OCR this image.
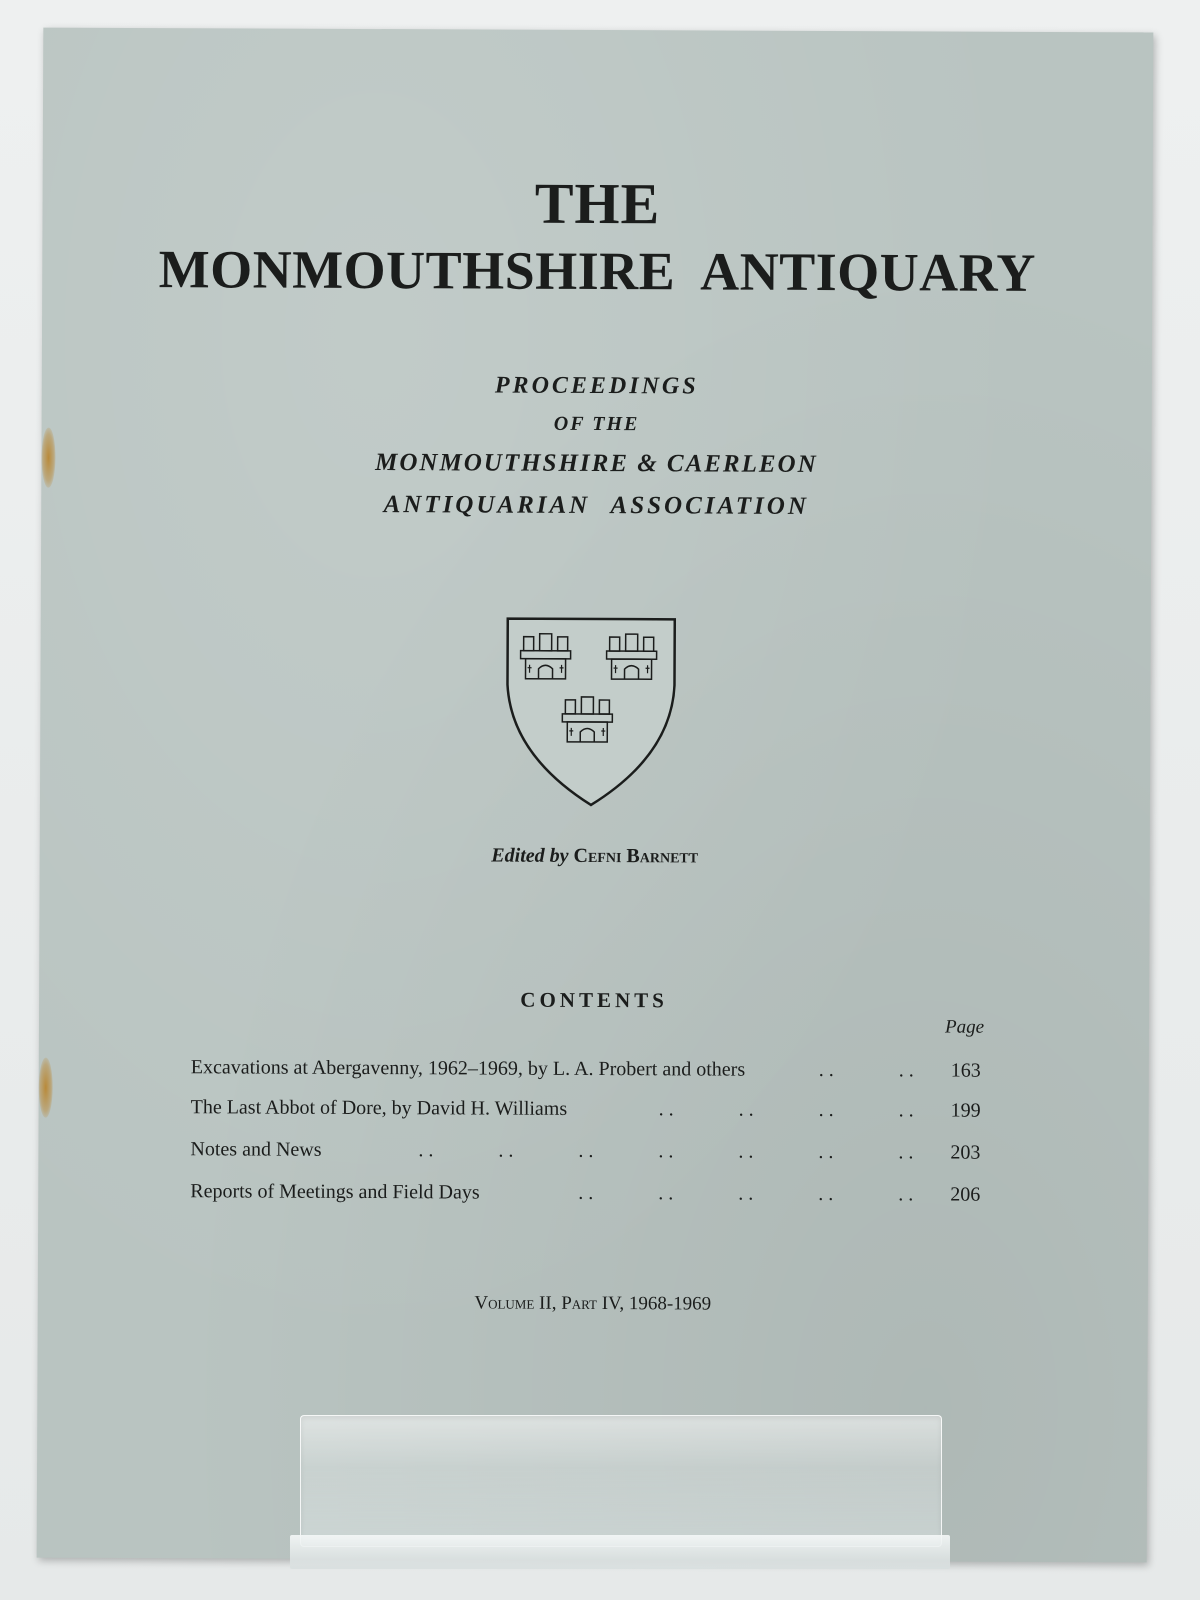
THE
MONMOUTHSHIRE ANTIQUARY
PROCEEDINGS
OF THE
MONMOUTHSHIRE & CAERLEON
ANTIQUARIAN ASSOCIATION
Edited by Cefni Barnett
CONTENTS
Page
Excavations at Abergavenny, 1962–1969, by L. A. Probert and others	. .	. . 163
The Last Abbot of Dore, by David H. Williams	. .	. .	. .	. . 199
Notes and News	. .	. .	. .	. .	. .	. .	. . 203
Reports of Meetings and Field Days	. .	. .	. .	. .	. . 206
Volume II, Part IV, 1968-1969
